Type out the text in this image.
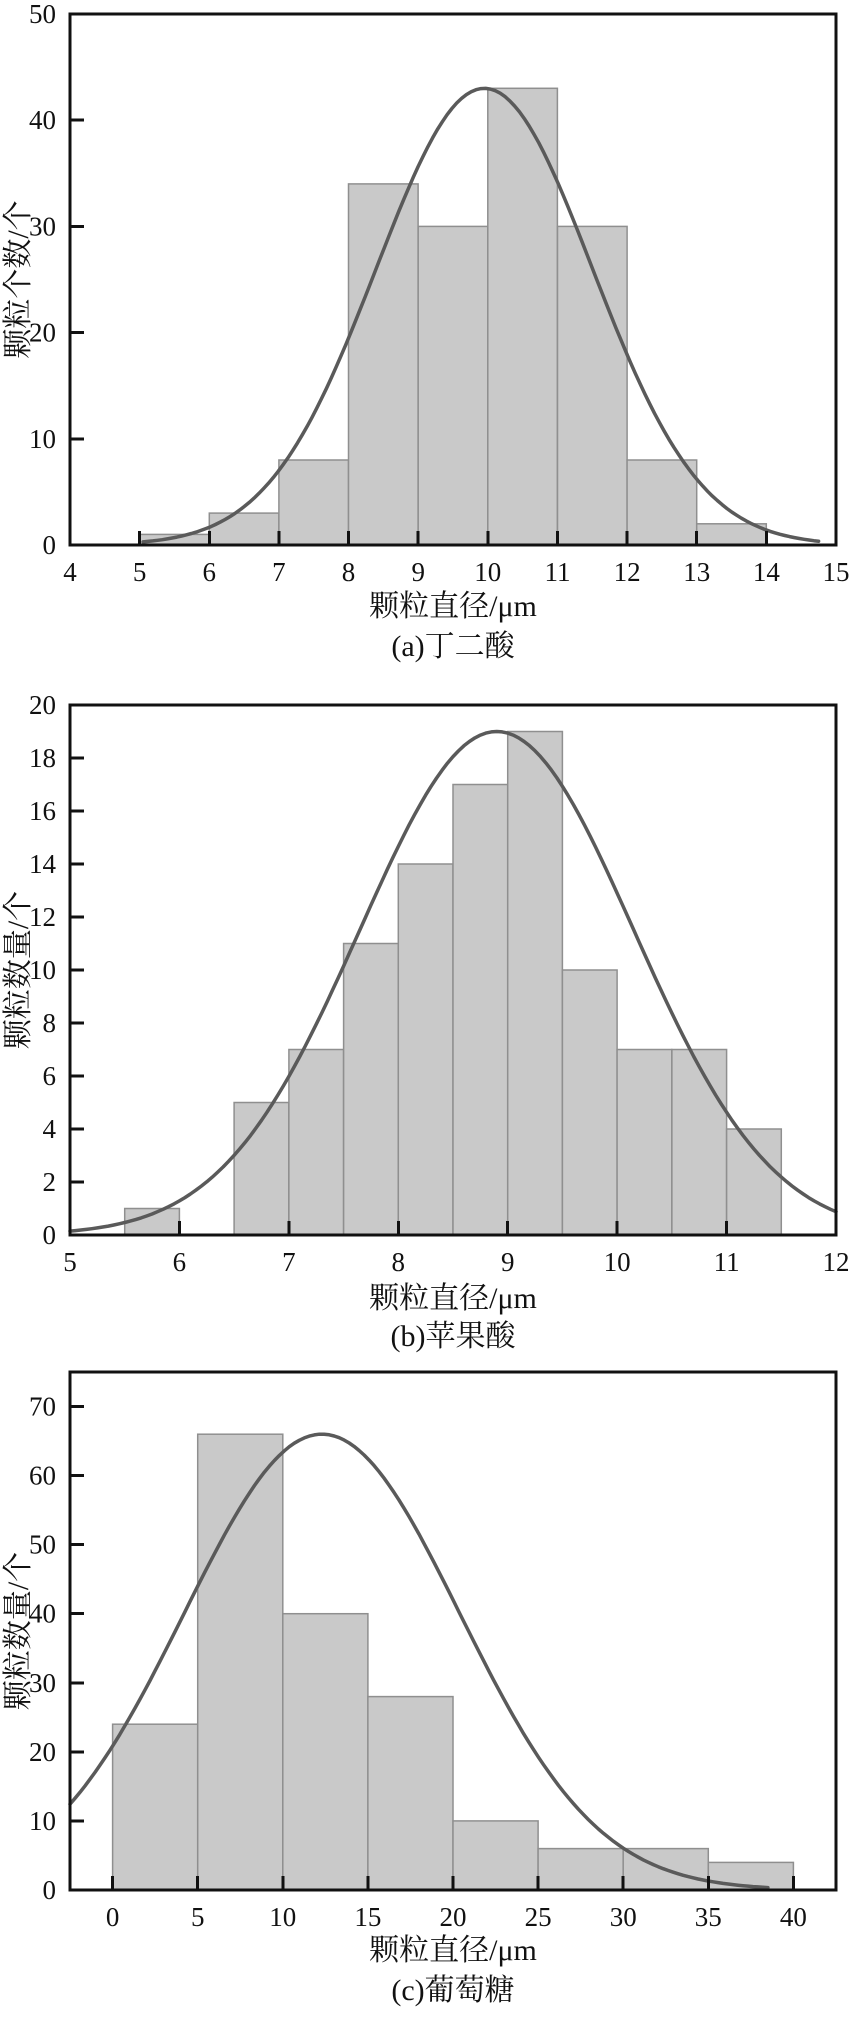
4 5 6 7 8 9 10 11 12 13 14 15
0
10
20
30
40
50
颗粒个数/个
颗粒直径/μm
(a)丁二酸
5	6	7	8	9	10	11	12
0
2
4
6
8
10
12
14
16
18
20
颗粒数量/个
颗粒直径/μm
(b)苹果酸
0	5 10 15 20 25 30 35 40
0
10
20
30
40
50
60
70
颗粒数量/个
颗粒直径/μm
(c)葡萄糖
